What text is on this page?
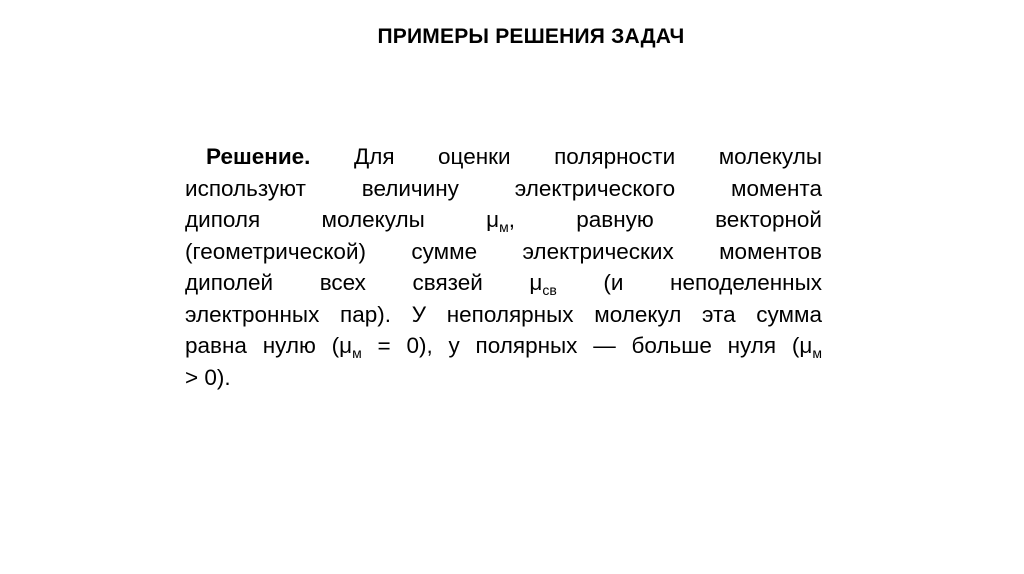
ПРИМЕРЫ РЕШЕНИЯ ЗАДАЧ
Решение. Для оценки полярности молекулы
используют величину электрического момента
диполя молекулы $\mu_м$, равную векторной
(геометрической) сумме электрических моментов
диполей всех связей $\mu_{св}$ (и неподеленных
электронных пар). У неполярных молекул эта сумма
равна нулю $(\mu_м = 0)$, у полярных — больше нуля ($\mu_м$
> 0).
